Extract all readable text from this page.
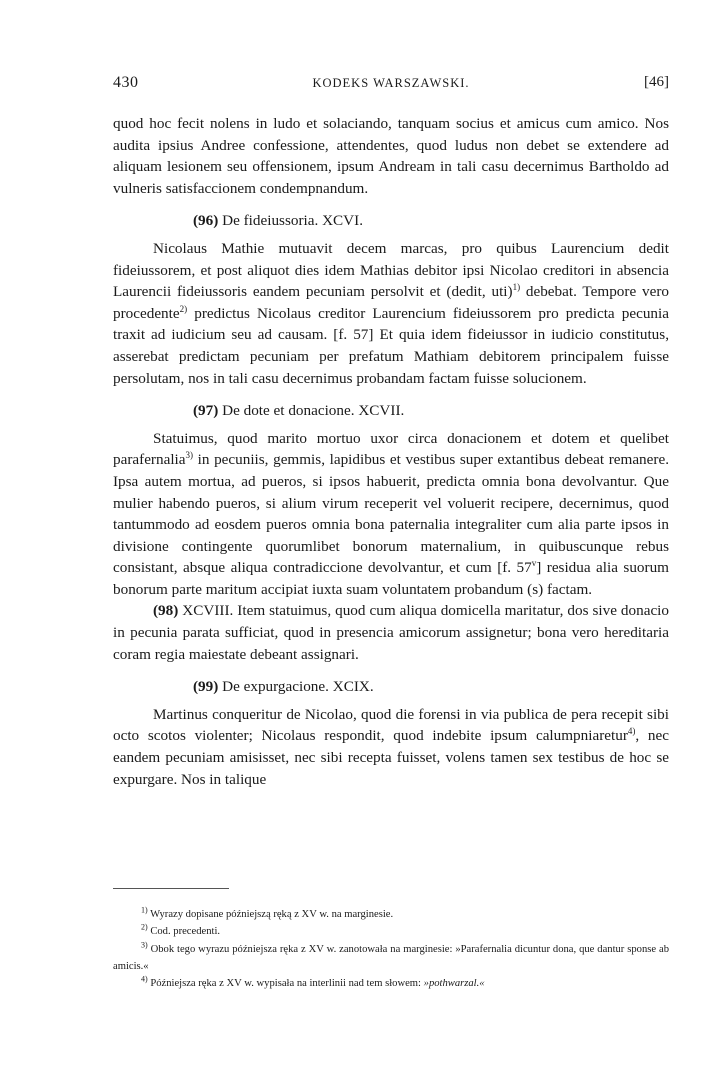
430	KODEKS WARSZAWSKI.	[46]

quod hoc fecit nolens in ludo et solaciando, tanquam socius et amicus cum amico. Nos audita ipsius Andree confessione, attendentes, quod ludus non debet se extendere ad aliquam lesionem seu offensionem, ipsum Andream in tali casu decernimus Bartholdo ad vulneris satisfaccionem condempnandum.

(96) De fideiussoria. XCVI.

Nicolaus Mathie mutuavit decem marcas, pro quibus Laurencium dedit fideiussorem, et post aliquot dies idem Mathias debitor ipsi Nicolao creditori in absencia Laurencii fideiussoris eandem pecuniam persolvit et (dedit, uti)$^{1)}$ debebat. Tempore vero procedente$^{2)}$ predictus Nicolaus creditor Laurencium fideiussorem pro predicta pecunia traxit ad iudicium seu ad causam. [f. 57] Et quia idem fideiussor in iudicio constitutus, asserebat predictam pecuniam per prefatum Mathiam debitorem principalem fuisse persolutam, nos in tali casu decernimus probandam factam fuisse solucionem.

(97) De dote et donacione. XCVII.

Statuimus, quod marito mortuo uxor circa donacionem et dotem et quelibet parafernalia$^{3)}$ in pecuniis, gemmis, lapidibus et vestibus super extantibus debeat remanere. Ipsa autem mortua, ad pueros, si ipsos habuerit, predicta omnia bona devolvantur. Que mulier habendo pueros, si alium virum receperit vel voluerit recipere, decernimus, quod tantummodo ad eosdem pueros omnia bona paternalia integraliter cum alia parte ipsos in divisione contingente quorumlibet bonorum maternalium, in quibuscunque rebus consistant, absque aliqua contradiccione devolvantur, et cum [f. 57$^v$] residua alia suorum bonorum parte maritum accipiat iuxta suam voluntatem probandum (s) factam.

(98) XCVIII. Item statuimus, quod cum aliqua domicella maritatur, dos sive donacio in pecunia parata sufficiat, quod in presencia amicorum assignetur; bona vero hereditaria coram regia maiestate debeant assignari.

(99) De expurgacione. XCIX.

Martinus conqueritur de Nicolao, quod die forensi in via publica de pera recepit sibi octo scotos violenter; Nicolaus respondit, quod indebite ipsum calumpniaretur$^{4)}$, nec eandem pecuniam amisisset, nec sibi recepta fuisset, volens tamen sex testibus de hoc se expurgare. Nos in talique

$^{1)}$ Wyrazy dopisane późniejszą ręką z XV w. na marginesie.

$^{2)}$ Cod. precedenti.

$^{3)}$ Obok tego wyrazu późniejsza ręka z XV w. zanotowała na marginesie: »Parafernalia dicuntur dona, que dantur sponse ab amicis.«

$^{4)}$ Późniejsza ręka z XV w. wypisała na interlinii nad tem słowem: »pothwarzal.«
